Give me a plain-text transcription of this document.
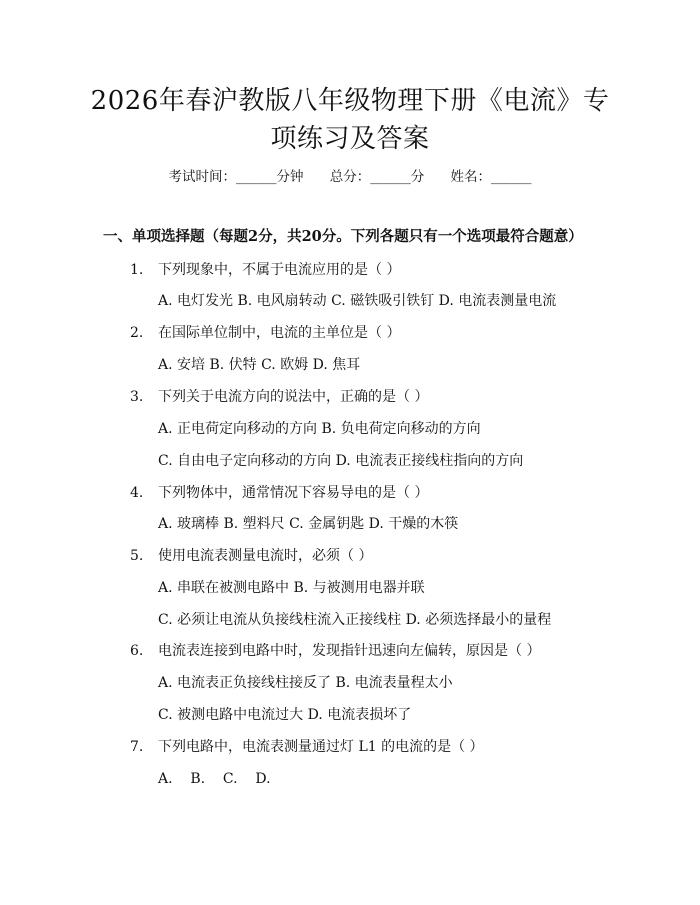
2026年春沪教版八年级物理下册《电流》专
项练习及答案
考试时间：______分钟 总分：______分 姓名：______
一、单项选择题（每题2分，共20分。下列各题只有一个选项最符合题意）
1. 下列现象中，不属于电流应用的是（ ）
A. 电灯发光 B. 电风扇转动 C. 磁铁吸引铁钉 D. 电流表测量电流
2. 在国际单位制中，电流的主单位是（ ）
A. 安培 B. 伏特 C. 欧姆 D. 焦耳
3. 下列关于电流方向的说法中，正确的是（ ）
A. 正电荷定向移动的方向 B. 负电荷定向移动的方向
C. 自由电子定向移动的方向 D. 电流表正接线柱指向的方向
4. 下列物体中，通常情况下容易导电的是（ ）
A. 玻璃棒 B. 塑料尺 C. 金属钥匙 D. 干燥的木筷
5. 使用电流表测量电流时，必须（ ）
A. 串联在被测电路中 B. 与被测用电器并联
C. 必须让电流从负接线柱流入正接线柱 D. 必须选择最小的量程
6. 电流表连接到电路中时，发现指针迅速向左偏转，原因是（ ）
A. 电流表正负接线柱接反了 B. 电流表量程太小
C. 被测电路中电流过大 D. 电流表损坏了
7. 下列电路中，电流表测量通过灯 L1 的电流的是（ ）
A.    B.    C.    D.
